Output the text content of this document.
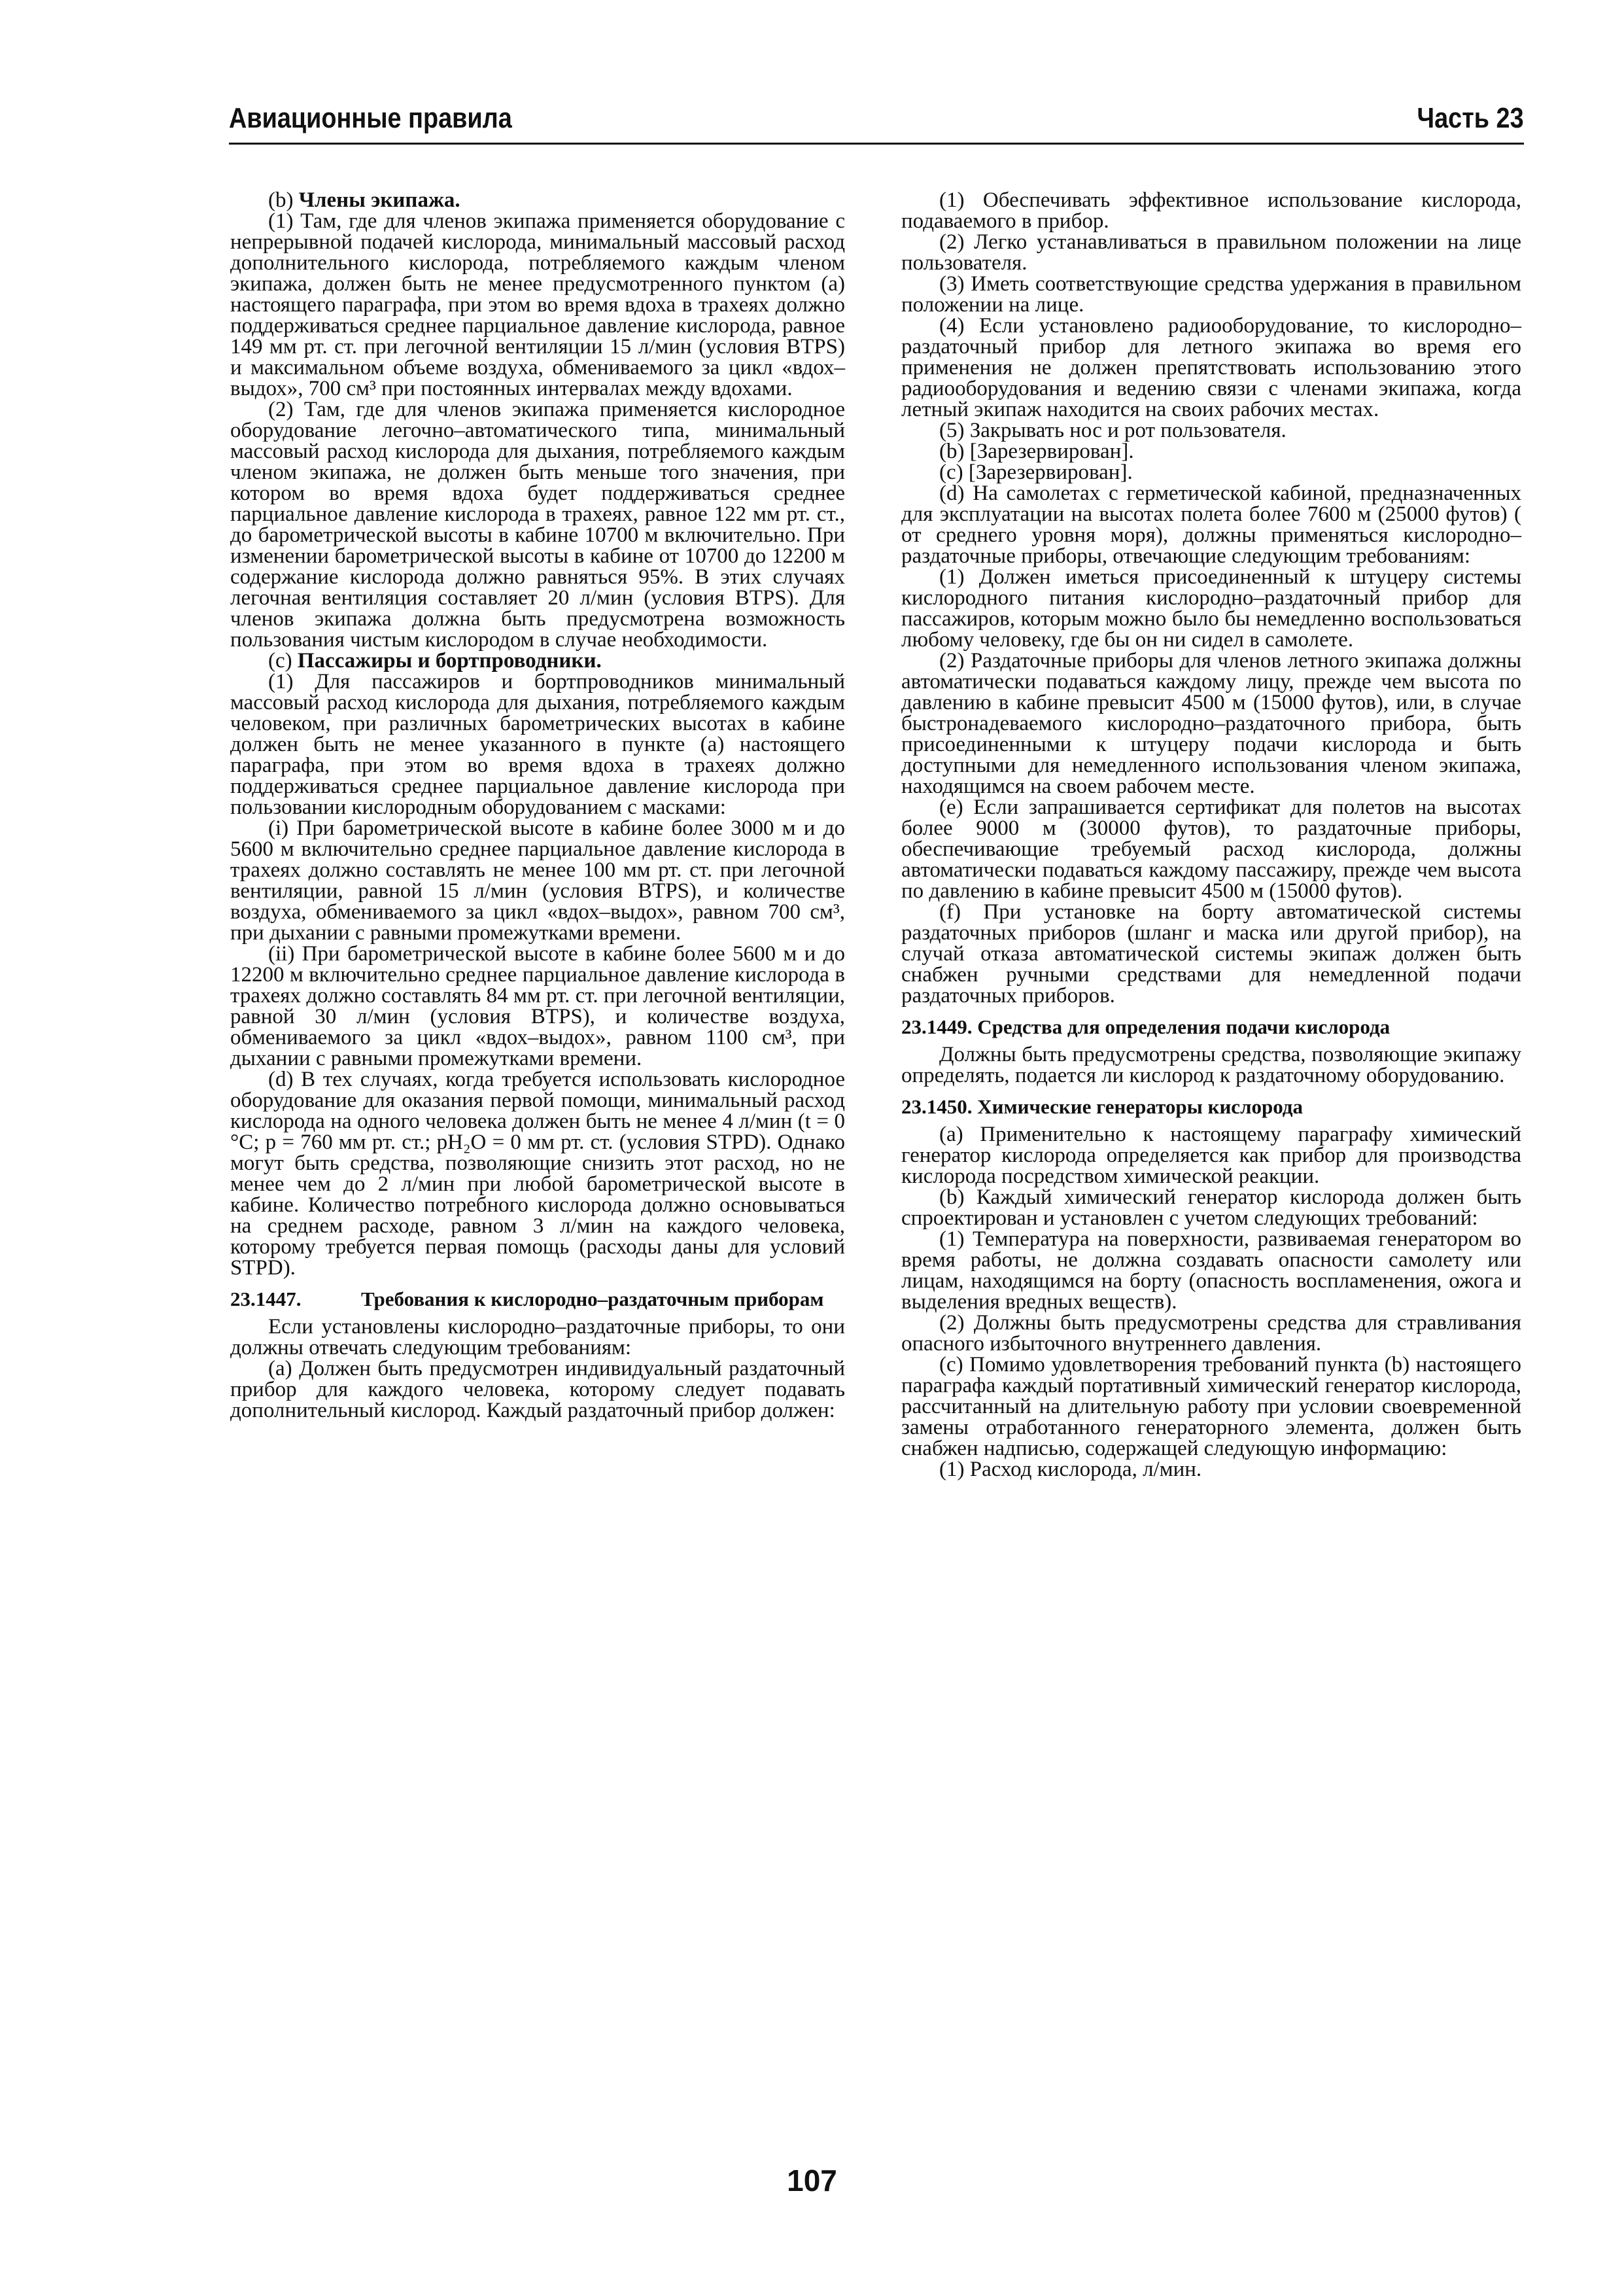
Авиационные правила	Часть 23

(b) Члены экипажа.

(1) Там, где для членов экипажа применяется оборудование с непрерывной подачей кислорода, минимальный массовый расход дополнительного кислорода, потребляемого каждым членом экипажа, должен быть не менее предусмотренного пунктом (a) настоящего параграфа, при этом во время вдоха в трахеях должно поддерживаться среднее парциальное давление кислорода, равное 149 мм рт. ст. при легочной вентиляции 15 л/мин (условия BTPS) и максимальном объеме воздуха, обмениваемого за цикл «вдох–выдох», 700 см³ при постоянных интервалах между вдохами.

(2) Там, где для членов экипажа применяется кислородное оборудование легочно–автоматического типа, минимальный массовый расход кислорода для дыхания, потребляемого каждым членом экипажа, не должен быть меньше того значения, при котором во время вдоха будет поддерживаться среднее парциальное давление кислорода в трахеях, равное 122 мм рт. ст., до барометрической высоты в кабине 10700 м включительно. При изменении барометрической высоты в кабине от 10700 до 12200 м содержание кислорода должно равняться 95%. В этих случаях легочная вентиляция составляет 20 л/мин (условия BTPS). Для членов экипажа должна быть предусмотрена возможность пользования чистым кислородом в случае необходимости.

(c) Пассажиры и бортпроводники.

(1) Для пассажиров и бортпроводников минимальный массовый расход кислорода для дыхания, потребляемого каждым человеком, при различных барометрических высотах в кабине должен быть не менее указанного в пункте (a) настоящего параграфа, при этом во время вдоха в трахеях должно поддерживаться среднее парциальное давление кислорода при пользовании кислородным оборудованием с масками:

(i) При барометрической высоте в кабине более 3000 м и до 5600 м включительно среднее парциальное давление кислорода в трахеях должно составлять не менее 100 мм рт. ст. при легочной вентиляции, равной 15 л/мин (условия BTPS), и количестве воздуха, обмениваемого за цикл «вдох–выдох», равном 700 см³, при дыхании с равными промежутками времени.

(ii) При барометрической высоте в кабине более 5600 м и до 12200 м включительно среднее парциальное давление кислорода в трахеях должно составлять 84 мм рт. ст. при легочной вентиляции, равной 30 л/мин (условия BTPS), и количестве воздуха, обмениваемого за цикл «вдох–выдох», равном 1100 см³, при дыхании с равными промежутками времени.

(d) В тех случаях, когда требуется использовать кислородное оборудование для оказания первой помощи, минимальный расход кислорода на одного человека должен быть не менее 4 л/мин (t = 0 °C; p = 760 мм рт. ст.; pH₂O = 0 мм рт. ст. (условия STPD). Однако могут быть средства, позволяющие снизить этот расход, но не менее чем до 2 л/мин при любой барометрической высоте в кабине. Количество потребного кислорода должно основываться на среднем расходе, равном 3 л/мин на каждого человека, которому требуется первая помощь (расходы даны для условий STPD).

23.1447.	Требования к кислородно–раздаточным приборам

Если установлены кислородно–раздаточные приборы, то они должны отвечать следующим требованиям:

(a) Должен быть предусмотрен индивидуальный раздаточный прибор для каждого человека, которому следует подавать дополнительный кислород. Каждый раздаточный прибор должен:

(1) Обеспечивать эффективное использование кислорода, подаваемого в прибор.

(2) Легко устанавливаться в правильном положении на лице пользователя.

(3) Иметь соответствующие средства удержания в правильном положении на лице.

(4) Если установлено радиооборудование, то кислородно–раздаточный прибор для летного экипажа во время его применения не должен препятствовать использованию этого радиооборудования и ведению связи с членами экипажа, когда летный экипаж находится на своих рабочих местах.

(5) Закрывать нос и рот пользователя.

(b) [Зарезервирован].

(c) [Зарезервирован].

(d) На самолетах с герметической кабиной, предназначенных для эксплуатации на высотах полета более 7600 м (25000 футов) ( от среднего уровня моря), должны применяться кислородно–раздаточные приборы, отвечающие следующим требованиям:

(1) Должен иметься присоединенный к штуцеру системы кислородного питания кислородно–раздаточный прибор для пассажиров, которым можно было бы немедленно воспользоваться любому человеку, где бы он ни сидел в самолете.

(2) Раздаточные приборы для членов летного экипажа должны автоматически подаваться каждому лицу, прежде чем высота по давлению в кабине превысит 4500 м (15000 футов), или, в случае быстронадеваемого кислородно–раздаточного прибора, быть присоединенными к штуцеру подачи кислорода и быть доступными для немедленного использования членом экипажа, находящимся на своем рабочем месте.

(e) Если запрашивается сертификат для полетов на высотах более 9000 м (30000 футов), то раздаточные приборы, обеспечивающие требуемый расход кислорода, должны автоматически подаваться каждому пассажиру, прежде чем высота по давлению в кабине превысит 4500 м (15000 футов).

(f) При установке на борту автоматической системы раздаточных приборов (шланг и маска или другой прибор), на случай отказа автоматической системы экипаж должен быть снабжен ручными средствами для немедленной подачи раздаточных приборов.

23.1449. Средства для определения подачи кислорода

Должны быть предусмотрены средства, позволяющие экипажу определять, подается ли кислород к раздаточному оборудованию.

23.1450. Химические генераторы кислорода

(a) Применительно к настоящему параграфу химический генератор кислорода определяется как прибор для производства кислорода посредством химической реакции.

(b) Каждый химический генератор кислорода должен быть спроектирован и установлен с учетом следующих требований:

(1) Температура на поверхности, развиваемая генератором во время работы, не должна создавать опасности самолету или лицам, находящимся на борту (опасность воспламенения, ожога и выделения вредных веществ).

(2) Должны быть предусмотрены средства для стравливания опасного избыточного внутреннего давления.

(c) Помимо удовлетворения требований пункта (b) настоящего параграфа каждый портативный химический генератор кислорода, рассчитанный на длительную работу при условии своевременной замены отработанного генераторного элемента, должен быть снабжен надписью, содержащей следующую информацию:

(1) Расход кислорода, л/мин.

107
